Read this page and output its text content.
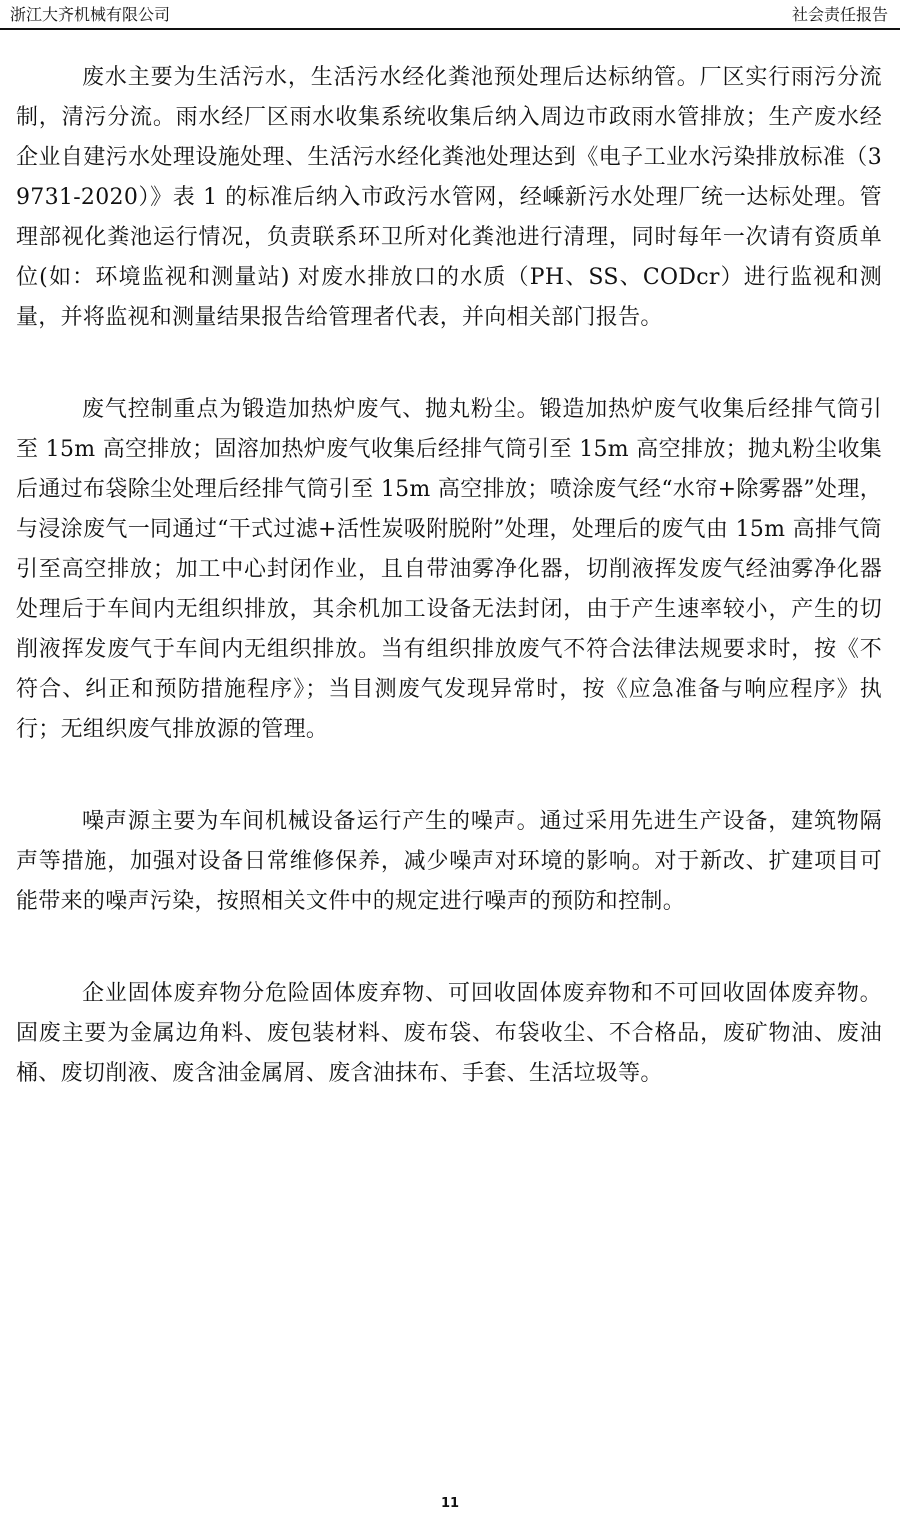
浙江大齐机械有限公司	社会责任报告

废水主要为生活污水，生活污水经化粪池预处理后达标纳管。厂区实行雨污分流制，清污分流。雨水经厂区雨水收集系统收集后纳入周边市政雨水管排放；生产废水经企业自建污水处理设施处理、生活污水经化粪池处理达到《电子工业水污染排放标准（39731-2020）》表 1 的标准后纳入市政污水管网，经嵊新污水处理厂统一达标处理。管理部视化粪池运行情况，负责联系环卫所对化粪池进行清理，同时每年一次请有资质单位(如：环境监视和测量站) 对废水排放口的水质（PH、SS、CODcr）进行监视和测量，并将监视和测量结果报告给管理者代表，并向相关部门报告。

废气控制重点为锻造加热炉废气、抛丸粉尘。锻造加热炉废气收集后经排气筒引至 15m 高空排放；固溶加热炉废气收集后经排气筒引至 15m 高空排放；抛丸粉尘收集后通过布袋除尘处理后经排气筒引至 15m 高空排放；喷涂废气经“水帘+除雾器”处理，与浸涂废气一同通过“干式过滤+活性炭吸附脱附”处理，处理后的废气由 15m 高排气筒引至高空排放；加工中心封闭作业，且自带油雾净化器，切削液挥发废气经油雾净化器处理后于车间内无组织排放，其余机加工设备无法封闭，由于产生速率较小，产生的切削液挥发废气于车间内无组织排放。当有组织排放废气不符合法律法规要求时，按《不符合、纠正和预防措施程序》；当目测废气发现异常时，按《应急准备与响应程序》执行；无组织废气排放源的管理。

噪声源主要为车间机械设备运行产生的噪声。通过采用先进生产设备，建筑物隔声等措施，加强对设备日常维修保养，减少噪声对环境的影响。对于新改、扩建项目可能带来的噪声污染，按照相关文件中的规定进行噪声的预防和控制。

企业固体废弃物分危险固体废弃物、可回收固体废弃物和不可回收固体废弃物。固废主要为金属边角料、废包装材料、废布袋、布袋收尘、不合格品，废矿物油、废油桶、废切削液、废含油金属屑、废含油抹布、手套、生活垃圾等。

11
